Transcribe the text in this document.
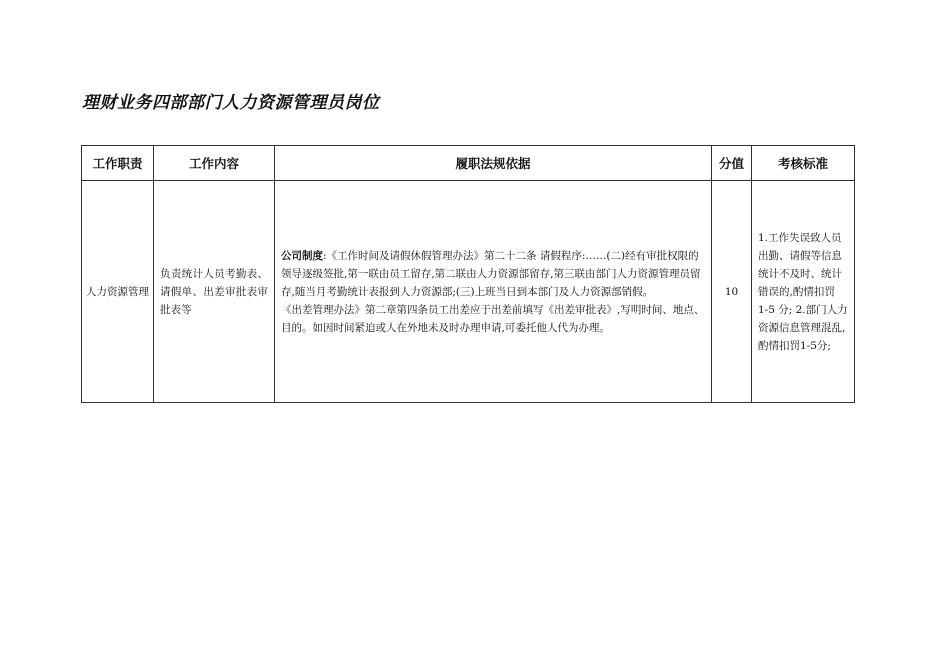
理财业务四部部门人力资源管理员岗位
工作职责	工作内容	履职法规依据	分值	考核标准
人力资源管理	负责统计人员考勤表、请假单、出差审批表审批表等	公司制度:《工作时间及请假休假管理办法》第二十二条 请假程序:……(二)经有审批权限的领导逐级签批,第一联由员工留存,第二联由人力资源部留存,第三联由部门人力资源管理员留存,随当月考勤统计表报到人力资源部;(三)上班当日到本部门及人力资源部销假。
《出差管理办法》第二章第四条员工出差应于出差前填写《出差审批表》,写明时间、地点、目的。如因时间紧迫或人在外地未及时办理申请,可委托他人代为办理。	10	1.工作失误致人员出勤、请假等信息统计不及时、统计错误的,酌情扣罚 1-5 分; 2.部门人力资源信息管理混乱,酌情扣罚1-5分;
